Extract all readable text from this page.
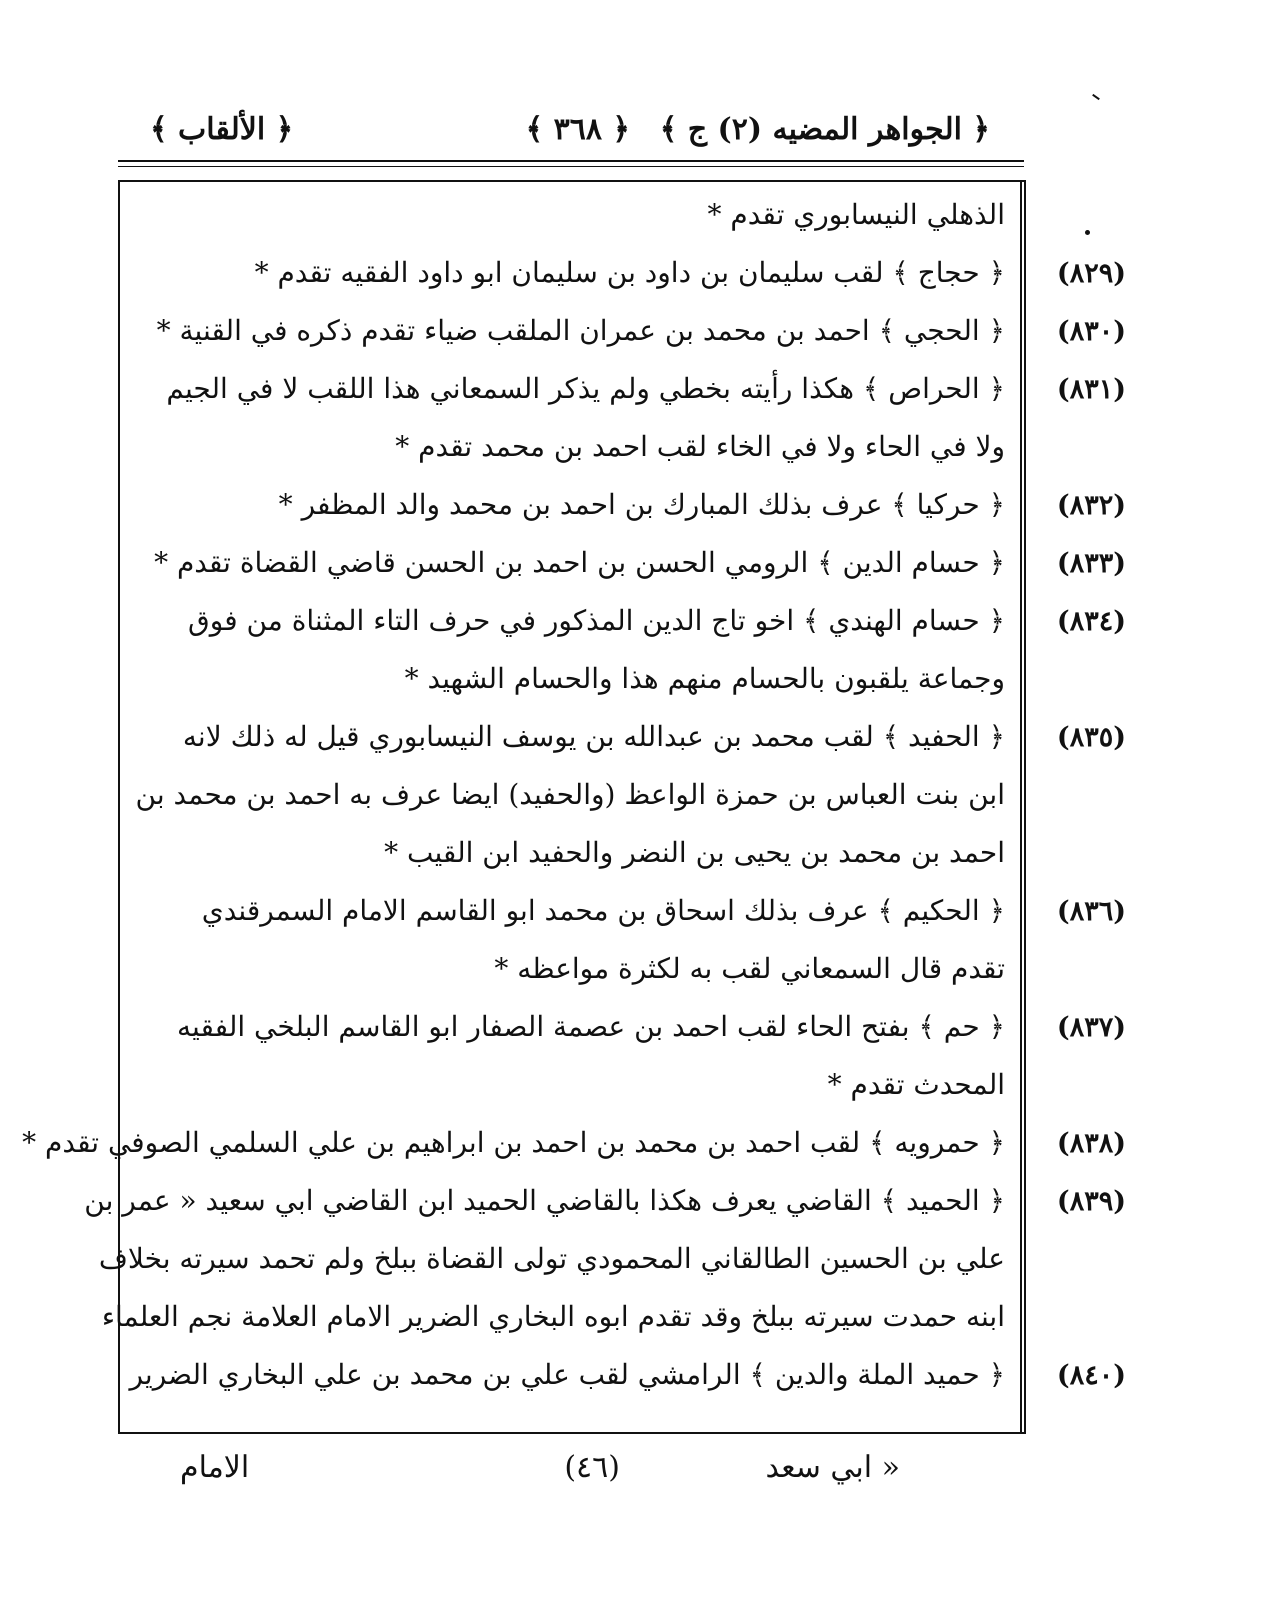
﴿ الجواهر المضيه (٢) ج ﴾
﴿ ٣٦٨ ﴾
﴿ الألقاب ﴾
الذهلي النيسابوري تقدم *
(٨٢٩)
﴿ حجاج ﴾ لقب سليمان بن داود بن سليمان ابو داود الفقيه تقدم *
(٨٣٠)
﴿ الحجي ﴾ احمد بن محمد بن عمران الملقب ضياء تقدم ذكره في القنية *
(٨٣١)
﴿ الحراص ﴾ هكذا رأيته بخطي ولم يذكر السمعاني هذا اللقب لا في الجيم
ولا في الحاء ولا في الخاء لقب احمد بن محمد تقدم *
(٨٣٢)
﴿ حركيا ﴾ عرف بذلك المبارك بن احمد بن محمد والد المظفر *
(٨٣٣)
﴿ حسام الدين ﴾ الرومي الحسن بن احمد بن الحسن قاضي القضاة تقدم *
(٨٣٤)
﴿ حسام الهندي ﴾ اخو تاج الدين المذكور في حرف التاء المثناة من فوق
وجماعة يلقبون بالحسام منهم هذا والحسام الشهيد *
(٨٣٥)
﴿ الحفيد ﴾ لقب محمد بن عبدالله بن يوسف النيسابوري قيل له ذلك لانه
ابن بنت العباس بن حمزة الواعظ (والحفيد) ايضا عرف به احمد بن محمد بن
احمد بن محمد بن يحيى بن النضر والحفيد ابن القيب *
(٨٣٦)
﴿ الحكيم ﴾ عرف بذلك اسحاق بن محمد ابو القاسم الامام السمرقندي
تقدم قال السمعاني لقب به لكثرة مواعظه *
(٨٣٧)
﴿ حم ﴾ بفتح الحاء لقب احمد بن عصمة الصفار ابو القاسم البلخي الفقيه
المحدث تقدم *
(٨٣٨)
﴿ حمرويه ﴾ لقب احمد بن محمد بن احمد بن ابراهيم بن علي السلمي الصوفي تقدم *
(٨٣٩)
﴿ الحميد ﴾ القاضي يعرف هكذا بالقاضي الحميد ابن القاضي ابي سعيد « عمر بن
علي بن الحسين الطالقاني المحمودي تولى القضاة ببلخ ولم تحمد سيرته بخلاف
ابنه حمدت سيرته ببلخ وقد تقدم ابوه البخاري الضرير الامام العلامة نجم العلماء
(٨٤٠)
﴿ حميد الملة والدين ﴾ الرامشي لقب علي بن محمد بن علي البخاري الضرير
« ابي سعد
(٤٦)
الامام
